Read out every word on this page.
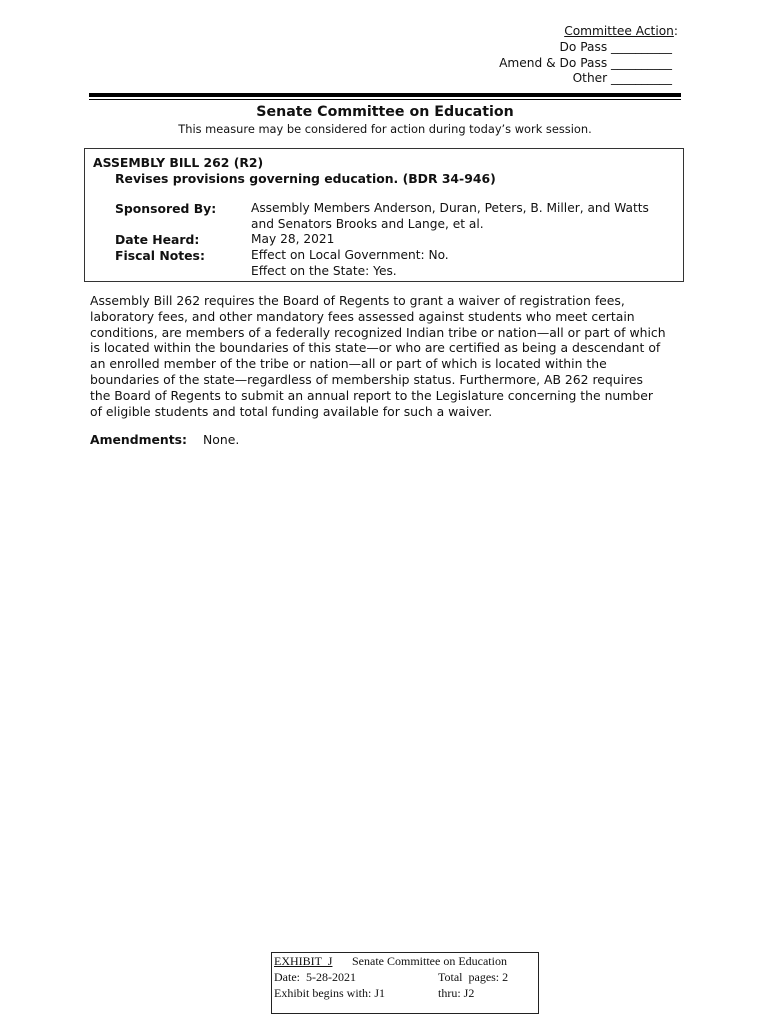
Committee Action:
Do Pass __________
Amend & Do Pass __________
Other __________
Senate Committee on Education
This measure may be considered for action during today’s work session.
ASSEMBLY BILL 262 (R2)
Revises provisions governing education. (BDR 34-946)
Sponsored By:	Assembly Members Anderson, Duran, Peters, B. Miller, and Watts
and Senators Brooks and Lange, et al.
Date Heard:	May 28, 2021
Fiscal Notes:	Effect on Local Government: No.
Effect on the State: Yes.
Assembly Bill 262 requires the Board of Regents to grant a waiver of registration fees,
laboratory fees, and other mandatory fees assessed against students who meet certain
conditions, are members of a federally recognized Indian tribe or nation—all or part of which
is located within the boundaries of this state—or who are certified as being a descendant of
an enrolled member of the tribe or nation—all or part of which is located within the
boundaries of the state—regardless of membership status. Furthermore, AB 262 requires
the Board of Regents to submit an annual report to the Legislature concerning the number
of eligible students and total funding available for such a waiver.
Amendments: None.
EXHIBIT  J Senate Committee on Education
Date:  5-28-2021	Total  pages: 2
Exhibit begins with: J1	thru: J2
